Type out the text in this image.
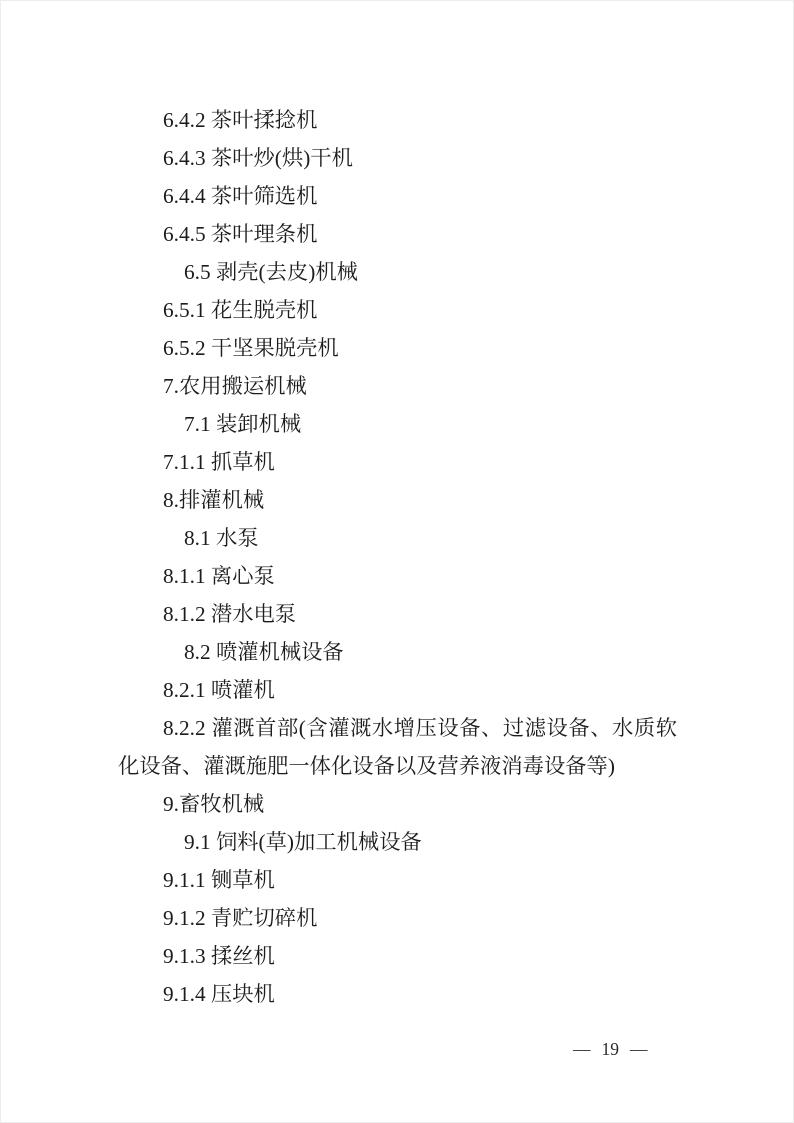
6.4.2 茶叶揉捻机
6.4.3 茶叶炒(烘)干机
6.4.4 茶叶筛选机
6.4.5 茶叶理条机
6.5 剥壳(去皮)机械
6.5.1 花生脱壳机
6.5.2 干坚果脱壳机
7.农用搬运机械
7.1 装卸机械
7.1.1 抓草机
8.排灌机械
8.1 水泵
8.1.1 离心泵
8.1.2 潜水电泵
8.2 喷灌机械设备
8.2.1 喷灌机
8.2.2 灌溉首部(含灌溉水增压设备、过滤设备、水质软
化设备、灌溉施肥一体化设备以及营养液消毒设备等)
9.畜牧机械
9.1 饲料(草)加工机械设备
9.1.1 铡草机
9.1.2 青贮切碎机
9.1.3 揉丝机
9.1.4 压块机
— 19 —
